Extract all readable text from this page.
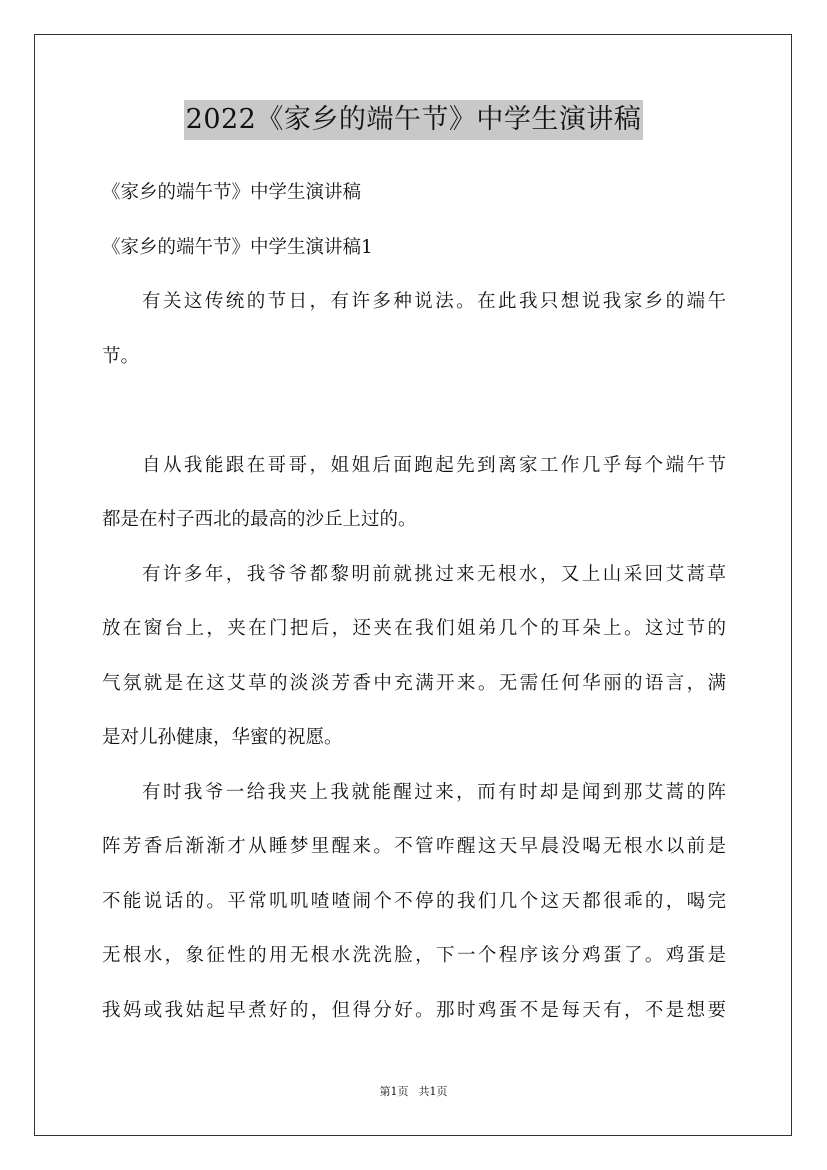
2022《家乡的端午节》中学生演讲稿
《家乡的端午节》中学生演讲稿
《家乡的端午节》中学生演讲稿1
有关这传统的节日，有许多种说法。在此我只想说我家乡的端午
节。
自从我能跟在哥哥，姐姐后面跑起先到离家工作几乎每个端午节
都是在村子西北的最高的沙丘上过的。
有许多年，我爷爷都黎明前就挑过来无根水，又上山采回艾蒿草
放在窗台上，夹在门把后，还夹在我们姐弟几个的耳朵上。这过节的
气氛就是在这艾草的淡淡芳香中充满开来。无需任何华丽的语言，满
是对儿孙健康，华蜜的祝愿。
有时我爷一给我夹上我就能醒过来，而有时却是闻到那艾蒿的阵
阵芳香后渐渐才从睡梦里醒来。不管咋醒这天早晨没喝无根水以前是
不能说话的。平常叽叽喳喳闹个不停的我们几个这天都很乖的，喝完
无根水，象征性的用无根水洗洗脸，下一个程序该分鸡蛋了。鸡蛋是
我妈或我姑起早煮好的，但得分好。那时鸡蛋不是每天有，不是想要
第1页 共1页
